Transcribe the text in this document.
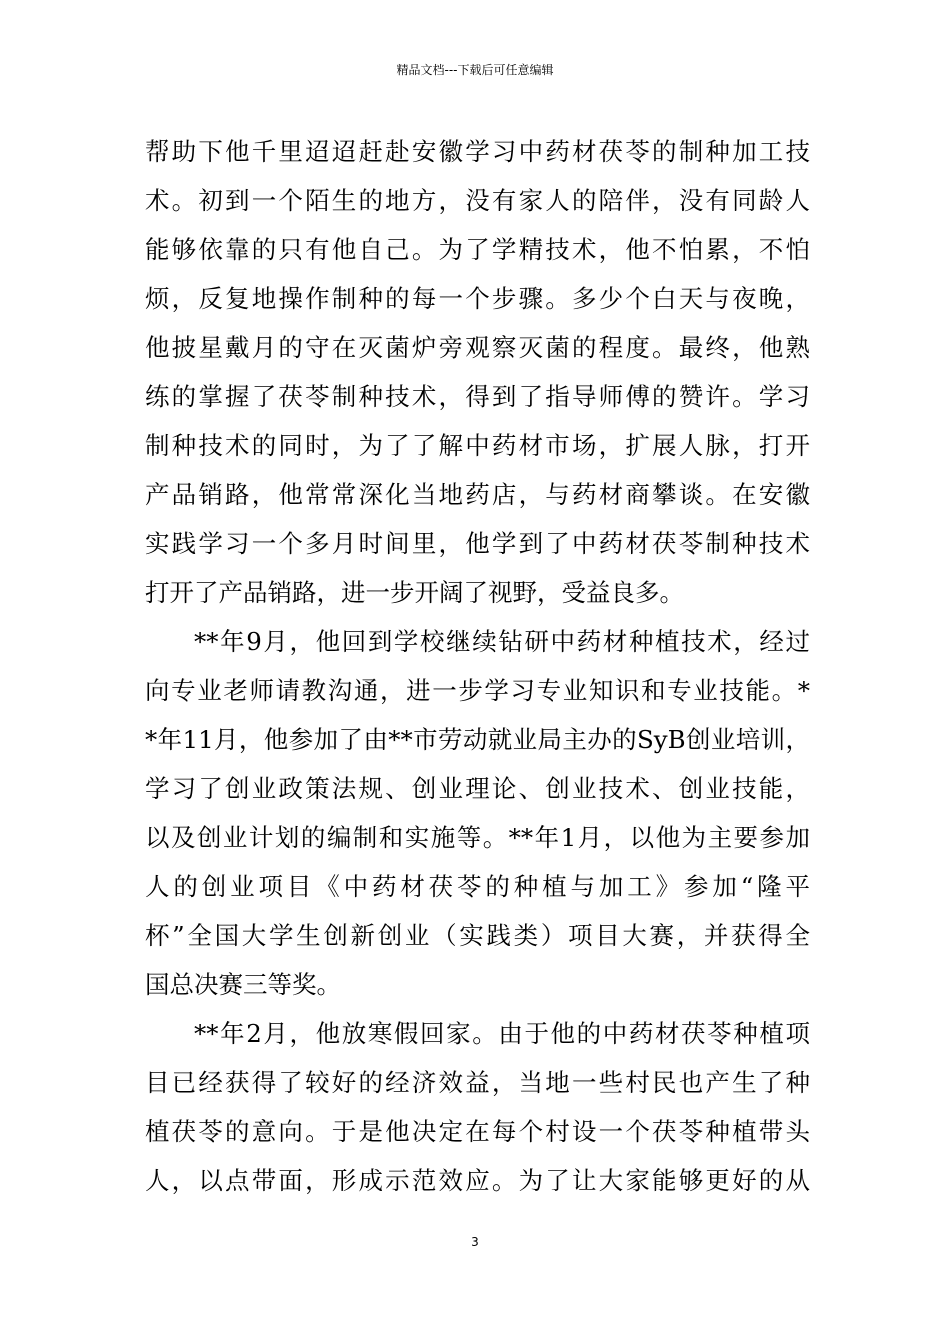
精品文档---下载后可任意编辑
帮助下他千里迢迢赶赴安徽学习中药材茯苓的制种加工技
术。初到一个陌生的地方，没有家人的陪伴，没有同龄人
能够依靠的只有他自己。为了学精技术，他不怕累，不怕
烦，反复地操作制种的每一个步骤。多少个白天与夜晚，
他披星戴月的守在灭菌炉旁观察灭菌的程度。最终，他熟
练的掌握了茯苓制种技术，得到了指导师傅的赞许。学习
制种技术的同时，为了了解中药材市场，扩展人脉，打开
产品销路，他常常深化当地药店，与药材商攀谈。在安徽
实践学习一个多月时间里，他学到了中药材茯苓制种技术
打开了产品销路，进一步开阔了视野，受益良多。
**年9月，他回到学校继续钻研中药材种植技术，经过
向专业老师请教沟通，进一步学习专业知识和专业技能。*
*年11月，他参加了由**市劳动就业局主办的SyB创业培训，
学习了创业政策法规、创业理论、创业技术、创业技能，
以及创业计划的编制和实施等。**年1月，以他为主要参加
人的创业项目《中药材茯苓的种植与加工》参加“隆平
杯”全国大学生创新创业（实践类）项目大赛，并获得全
国总决赛三等奖。
**年2月，他放寒假回家。由于他的中药材茯苓种植项
目已经获得了较好的经济效益，当地一些村民也产生了种
植茯苓的意向。于是他决定在每个村设一个茯苓种植带头
人，以点带面，形成示范效应。为了让大家能够更好的从
3
